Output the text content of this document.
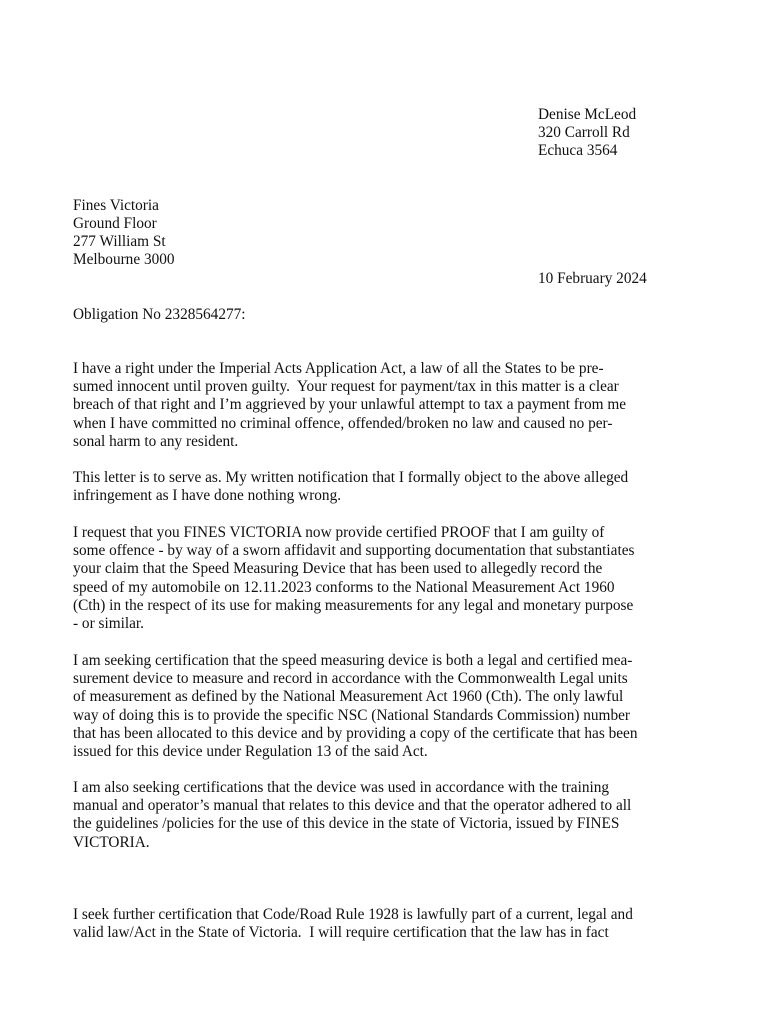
Denise McLeod
320 Carroll Rd
Echuca 3564
Fines Victoria
Ground Floor
277 William St
Melbourne 3000
10 February 2024
Obligation No 2328564277:
I have a right under the Imperial Acts Application Act, a law of all the States to be pre-
sumed innocent until proven guilty.  Your request for payment/tax in this matter is a clear
breach of that right and I’m aggrieved by your unlawful attempt to tax a payment from me
when I have committed no criminal offence, offended/broken no law and caused no per-
sonal harm to any resident.
This letter is to serve as. My written notification that I formally object to the above alleged
infringement as I have done nothing wrong.
I request that you FINES VICTORIA now provide certified PROOF that I am guilty of
some offence - by way of a sworn affidavit and supporting documentation that substantiates
your claim that the Speed Measuring Device that has been used to allegedly record the
speed of my automobile on 12.11.2023 conforms to the National Measurement Act 1960
(Cth) in the respect of its use for making measurements for any legal and monetary purpose
- or similar.
I am seeking certification that the speed measuring device is both a legal and certified mea-
surement device to measure and record in accordance with the Commonwealth Legal units
of measurement as defined by the National Measurement Act 1960 (Cth). The only lawful
way of doing this is to provide the specific NSC (National Standards Commission) number
that has been allocated to this device and by providing a copy of the certificate that has been
issued for this device under Regulation 13 of the said Act.
I am also seeking certifications that the device was used in accordance with the training
manual and operator’s manual that relates to this device and that the operator adhered to all
the guidelines /policies for the use of this device in the state of Victoria, issued by FINES
VICTORIA.
I seek further certification that Code/Road Rule 1928 is lawfully part of a current, legal and
valid law/Act in the State of Victoria.  I will require certification that the law has in fact
